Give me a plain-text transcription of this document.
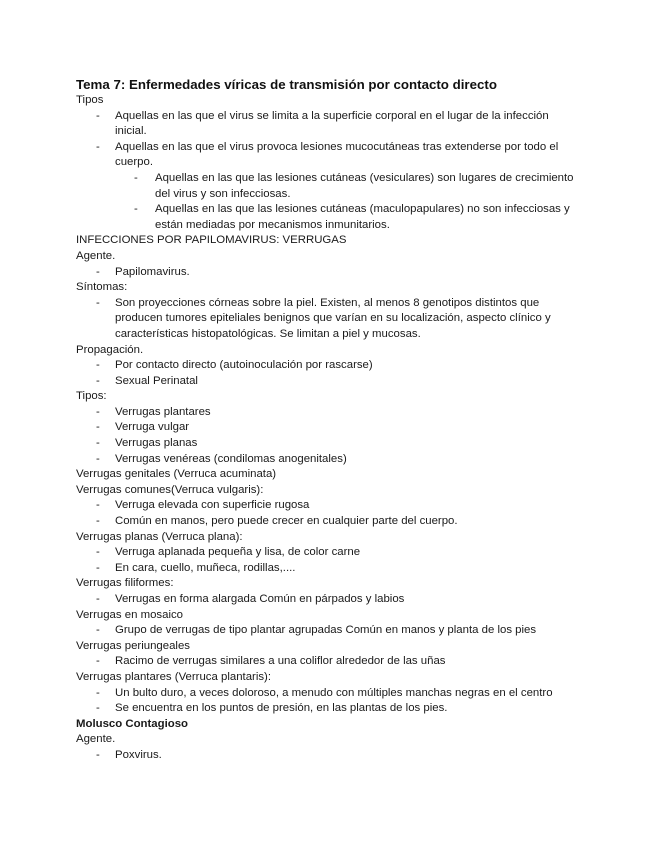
Tema 7: Enfermedades víricas de transmisión por contacto directo
Tipos
- Aquellas en las que el virus se limita a la superficie corporal en el lugar de la infección inicial.
- Aquellas en las que el virus provoca lesiones mucocutáneas tras extenderse por todo el cuerpo.
- Aquellas en las que las lesiones cutáneas (vesiculares) son lugares de crecimiento del virus y son infecciosas.
- Aquellas en las que las lesiones cutáneas (maculopapulares) no son infecciosas y están mediadas por mecanismos inmunitarios.
INFECCIONES POR PAPILOMAVIRUS: VERRUGAS
Agente.
- Papilomavirus.
Síntomas:
- Son proyecciones córneas sobre la piel. Existen, al menos 8 genotipos distintos que producen tumores epiteliales benignos que varían en su localización, aspecto clínico y características histopatológicas. Se limitan a piel y mucosas.
Propagación.
- Por contacto directo (autoinoculación por rascarse)
- Sexual Perinatal
Tipos:
- Verrugas plantares
- Verruga vulgar
- Verrugas planas
- Verrugas venéreas (condilomas anogenitales)
Verrugas genitales (Verruca acuminata)
Verrugas comunes(Verruca vulgaris):
- Verruga elevada con superficie rugosa
- Común en manos, pero puede crecer en cualquier parte del cuerpo.
Verrugas planas (Verruca plana):
- Verruga aplanada pequeña y lisa, de color carne
- En cara, cuello, muñeca, rodillas,....
Verrugas filiformes:
- Verrugas en forma alargada Común en párpados y labios
Verrugas en mosaico
- Grupo de verrugas de tipo plantar agrupadas Común en manos y planta de los pies
Verrugas periungeales
- Racimo de verrugas similares a una coliflor alrededor de las uñas
Verrugas plantares (Verruca plantaris):
- Un bulto duro, a veces doloroso, a menudo con múltiples manchas negras en el centro
- Se encuentra en los puntos de presión, en las plantas de los pies.
Molusco Contagioso
Agente.
- Poxvirus.
